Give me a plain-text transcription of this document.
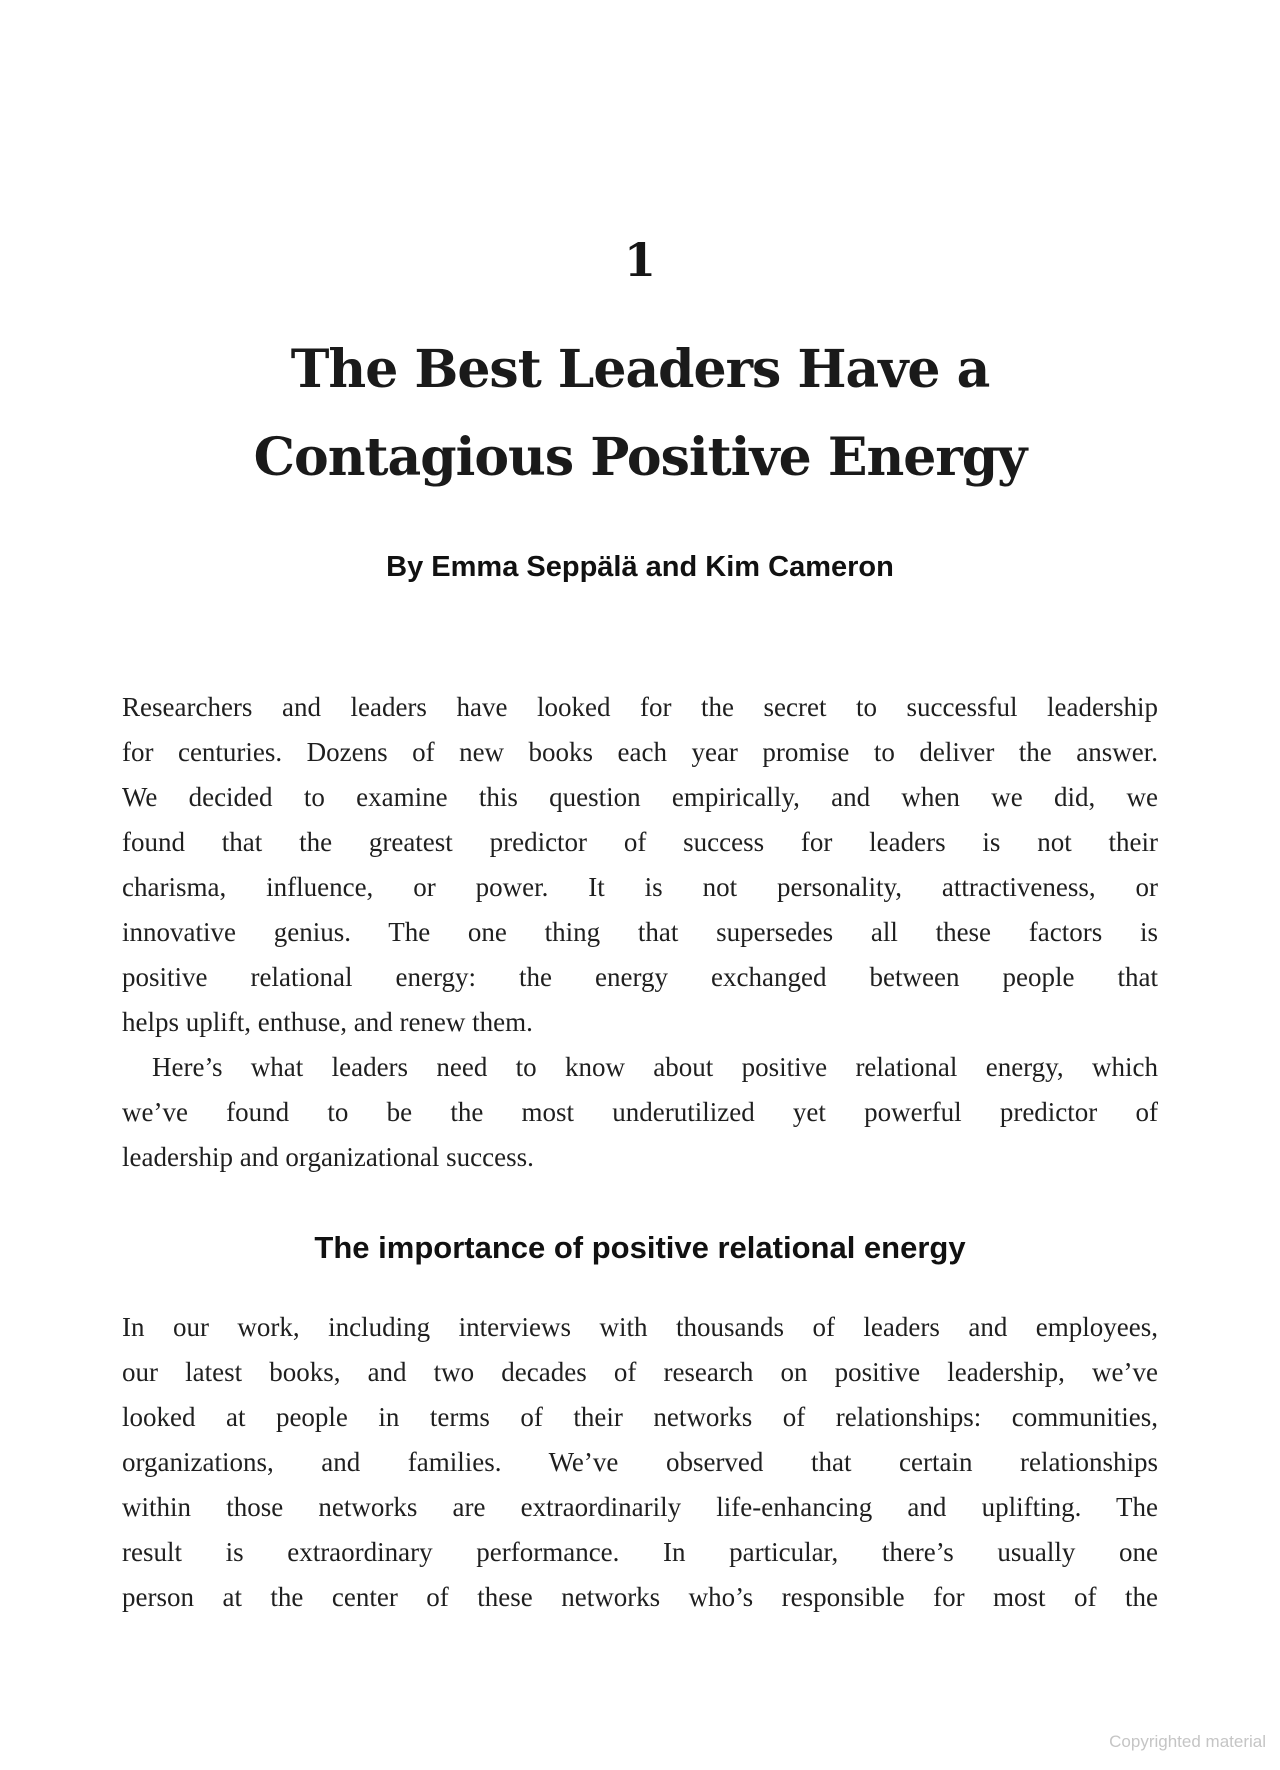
1
The Best Leaders Have a
Contagious Positive Energy
By Emma Seppälä and Kim Cameron
Researchers and leaders have looked for the secret to successful leadership
for centuries. Dozens of new books each year promise to deliver the answer.
We decided to examine this question empirically, and when we did, we
found that the greatest predictor of success for leaders is not their
charisma, influence, or power. It is not personality, attractiveness, or
innovative genius. The one thing that supersedes all these factors is
positive relational energy: the energy exchanged between people that
helps uplift, enthuse, and renew them.
Here’s what leaders need to know about positive relational energy, which
we’ve found to be the most underutilized yet powerful predictor of
leadership and organizational success.
The importance of positive relational energy
In our work, including interviews with thousands of leaders and employees,
our latest books, and two decades of research on positive leadership, we’ve
looked at people in terms of their networks of relationships: communities,
organizations, and families. We’ve observed that certain relationships
within those networks are extraordinarily life-enhancing and uplifting. The
result is extraordinary performance. In particular, there’s usually one
person at the center of these networks who’s responsible for most of the
Copyrighted material
